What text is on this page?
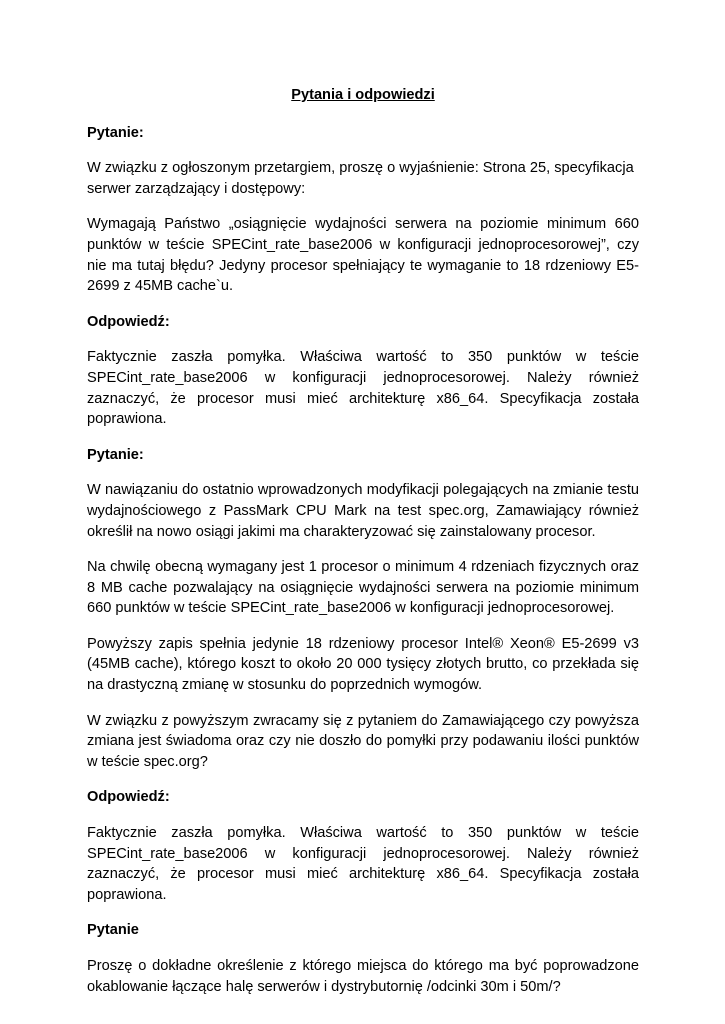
Pytania i odpowiedzi
Pytanie:
W związku z ogłoszonym przetargiem, proszę o wyjaśnienie: Strona 25, specyfikacja serwer zarządzający i dostępowy:
Wymagają Państwo „osiągnięcie wydajności serwera na poziomie minimum 660 punktów w teście SPECint_rate_base2006 w konfiguracji jednoprocesorowej”, czy nie ma tutaj błędu? Jedyny procesor spełniający te wymaganie to 18 rdzeniowy E5-2699 z 45MB cache`u.
Odpowiedź:
Faktycznie zaszła pomyłka. Właściwa wartość to 350 punktów w teście SPECint_rate_base2006 w konfiguracji jednoprocesorowej. Należy również zaznaczyć, że procesor musi mieć architekturę x86_64. Specyfikacja została poprawiona.
Pytanie:
W nawiązaniu do ostatnio wprowadzonych modyfikacji polegających na zmianie testu wydajnościowego z PassMark CPU Mark na test spec.org, Zamawiający również określił na nowo osiągi jakimi ma charakteryzować się zainstalowany procesor.
Na chwilę obecną wymagany jest 1 procesor o minimum 4 rdzeniach fizycznych oraz 8 MB cache pozwalający na osiągnięcie wydajności serwera na poziomie minimum 660 punktów w teście SPECint_rate_base2006 w konfiguracji jednoprocesorowej.
Powyższy zapis spełnia jedynie 18 rdzeniowy procesor Intel® Xeon® E5-2699 v3 (45MB cache), którego koszt to około 20 000 tysięcy złotych brutto, co przekłada się na drastyczną zmianę w stosunku do poprzednich wymogów.
W związku z powyższym zwracamy się z pytaniem do Zamawiającego czy powyższa zmiana jest świadoma oraz czy nie doszło do pomyłki przy podawaniu ilości punktów w teście spec.org?
Odpowiedź:
Faktycznie zaszła pomyłka. Właściwa wartość to 350 punktów w teście SPECint_rate_base2006 w konfiguracji jednoprocesorowej. Należy również zaznaczyć, że procesor musi mieć architekturę x86_64. Specyfikacja została poprawiona.
Pytanie
Proszę o dokładne określenie z którego miejsca do którego ma być poprowadzone okablowanie łączące halę serwerów i dystrybutornię /odcinki 30m i 50m/?
